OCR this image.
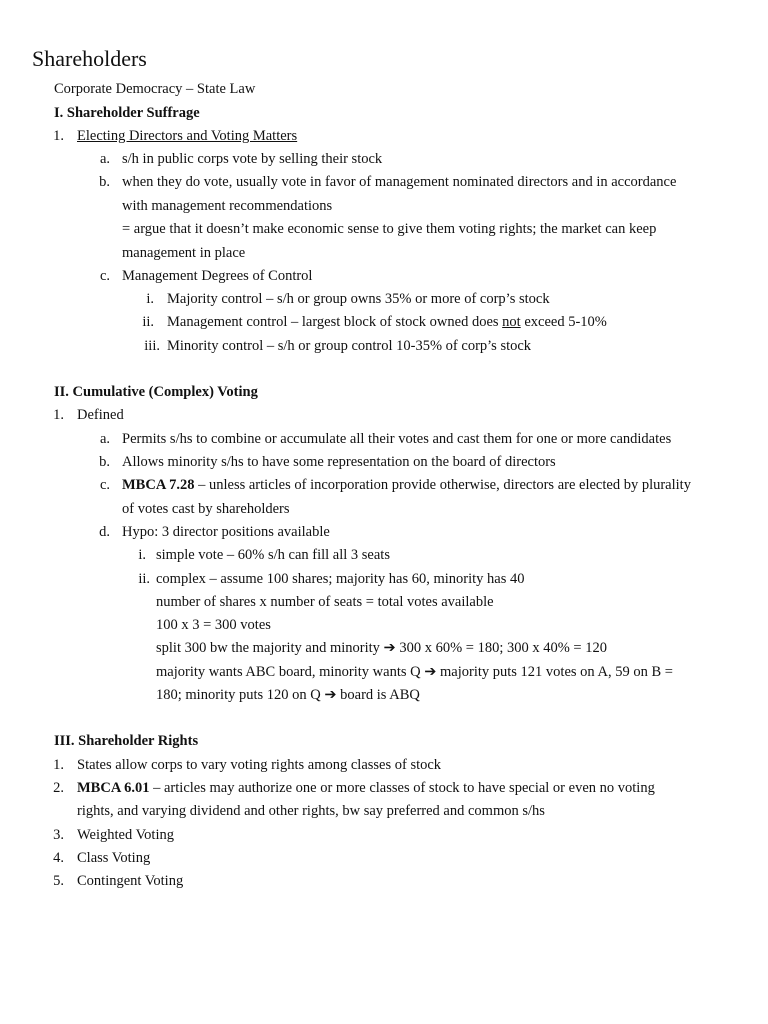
Shareholders
Corporate Democracy – State Law
I. Shareholder Suffrage
1. Electing Directors and Voting Matters
a. s/h in public corps vote by selling their stock
b. when they do vote, usually vote in favor of management nominated directors and in accordance
with management recommendations
= argue that it doesn’t make economic sense to give them voting rights; the market can keep
management in place
c. Management Degrees of Control
i. Majority control – s/h or group owns 35% or more of corp’s stock
ii. Management control – largest block of stock owned does not exceed 5-10%
iii. Minority control – s/h or group control 10-35% of corp’s stock
II. Cumulative (Complex) Voting
1. Defined
a. Permits s/hs to combine or accumulate all their votes and cast them for one or more candidates
b. Allows minority s/hs to have some representation on the board of directors
c. MBCA 7.28 – unless articles of incorporation provide otherwise, directors are elected by plurality
of votes cast by shareholders
d. Hypo: 3 director positions available
i. simple vote – 60% s/h can fill all 3 seats
ii. complex – assume 100 shares; majority has 60, minority has 40
number of shares x number of seats = total votes available
100 x 3 = 300 votes
split 300 bw the majority and minority ➔ 300 x 60% = 180; 300 x 40% = 120
majority wants ABC board, minority wants Q ➔ majority puts 121 votes on A, 59 on B =
180; minority puts 120 on Q ➔ board is ABQ
III. Shareholder Rights
1. States allow corps to vary voting rights among classes of stock
2. MBCA 6.01 – articles may authorize one or more classes of stock to have special or even no voting
rights, and varying dividend and other rights, bw say preferred and common s/hs
3. Weighted Voting
4. Class Voting
5. Contingent Voting
